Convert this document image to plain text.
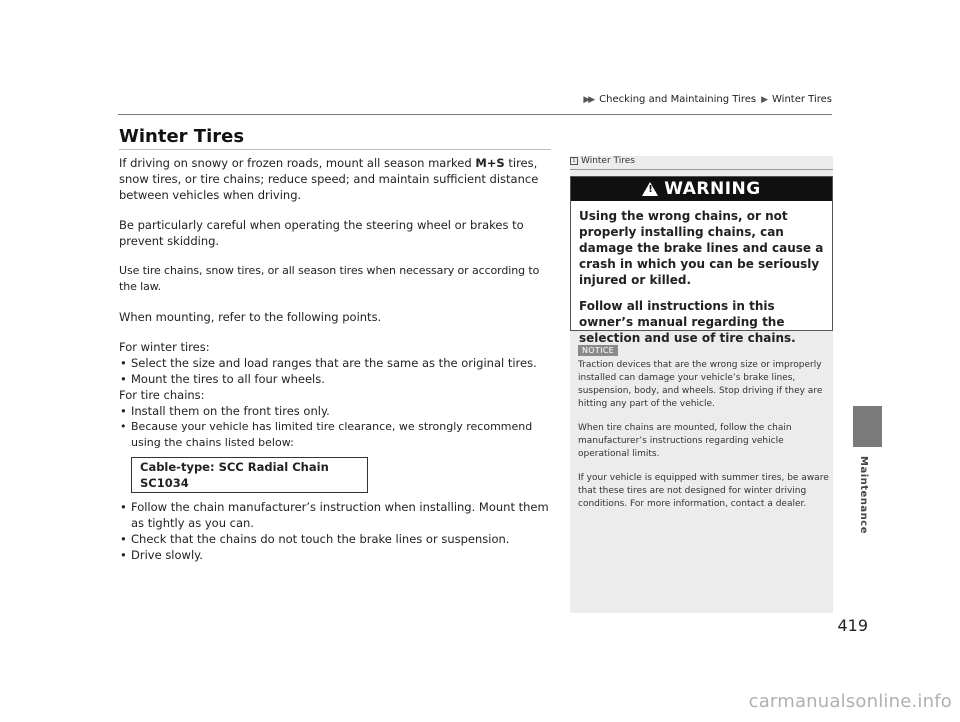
▶▶ Checking and Maintaining Tires ▶ Winter Tires
Maintenance
Winter Tires

If driving on snowy or frozen roads, mount all season marked M+S tires, snow tires, or tire chains; reduce speed; and maintain sufficient distance between vehicles when driving.

Be particularly careful when operating the steering wheel or brakes to prevent skidding.

Use tire chains, snow tires, or all season tires when necessary or according to the law.

When mounting, refer to the following points.

For winter tires:
• Select the size and load ranges that are the same as the original tires.
• Mount the tires to all four wheels.
For tire chains:
• Install them on the front tires only.
• Because your vehicle has limited tire clearance, we strongly recommend using the chains listed below:
Cable-type: SCC Radial Chain SC1034
• Follow the chain manufacturer’s instruction when installing. Mount them as tightly as you can.
• Check that the chains do not touch the brake lines or suspension.
• Drive slowly.
1 Winter Tires
! WARNING

Using the wrong chains, or not properly installing chains, can damage the brake lines and cause a crash in which you can be seriously injured or killed.

Follow all instructions in this owner’s manual regarding the selection and use of tire chains.

NOTICE

Traction devices that are the wrong size or improperly installed can damage your vehicle’s brake lines, suspension, body, and wheels. Stop driving if they are hitting any part of the vehicle.

When tire chains are mounted, follow the chain manufacturer’s instructions regarding vehicle operational limits.

If your vehicle is equipped with summer tires, be aware that these tires are not designed for winter driving conditions. For more information, contact a dealer.

419
carmanualsonline.info
